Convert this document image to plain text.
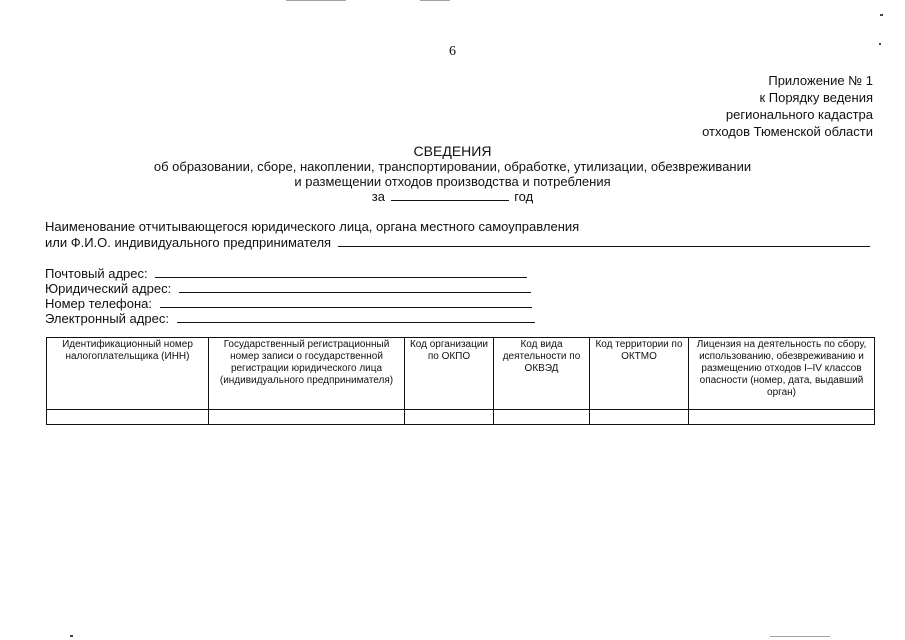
6
Приложение № 1
к Порядку ведения
регионального кадастра
отходов Тюменской области
СВЕДЕНИЯ
об образовании, сборе, накоплении, транспортировании, обработке, утилизации, обезвреживании
и размещении отходов производства и потребления
за	год
Наименование отчитывающегося юридического лица, органа местного самоуправления
или Ф.И.О. индивидуального предпринимателя
Почтовый адрес:
Юридический адрес:
Номер телефона:
Электронный адрес:
Идентификационный номер налогоплательщика (ИНН)	Государственный регистрационный номер записи о государственной регистрации юридического лица (индивидуального предпринимателя)	Код организации по ОКПО	Код вида деятельности по ОКВЭД	Код территории по ОКТМО	Лицензия на деятельность по сбору, использованию, обезвреживанию и размещению отходов I–IV классов опасности (номер, дата, выдавший орган)
